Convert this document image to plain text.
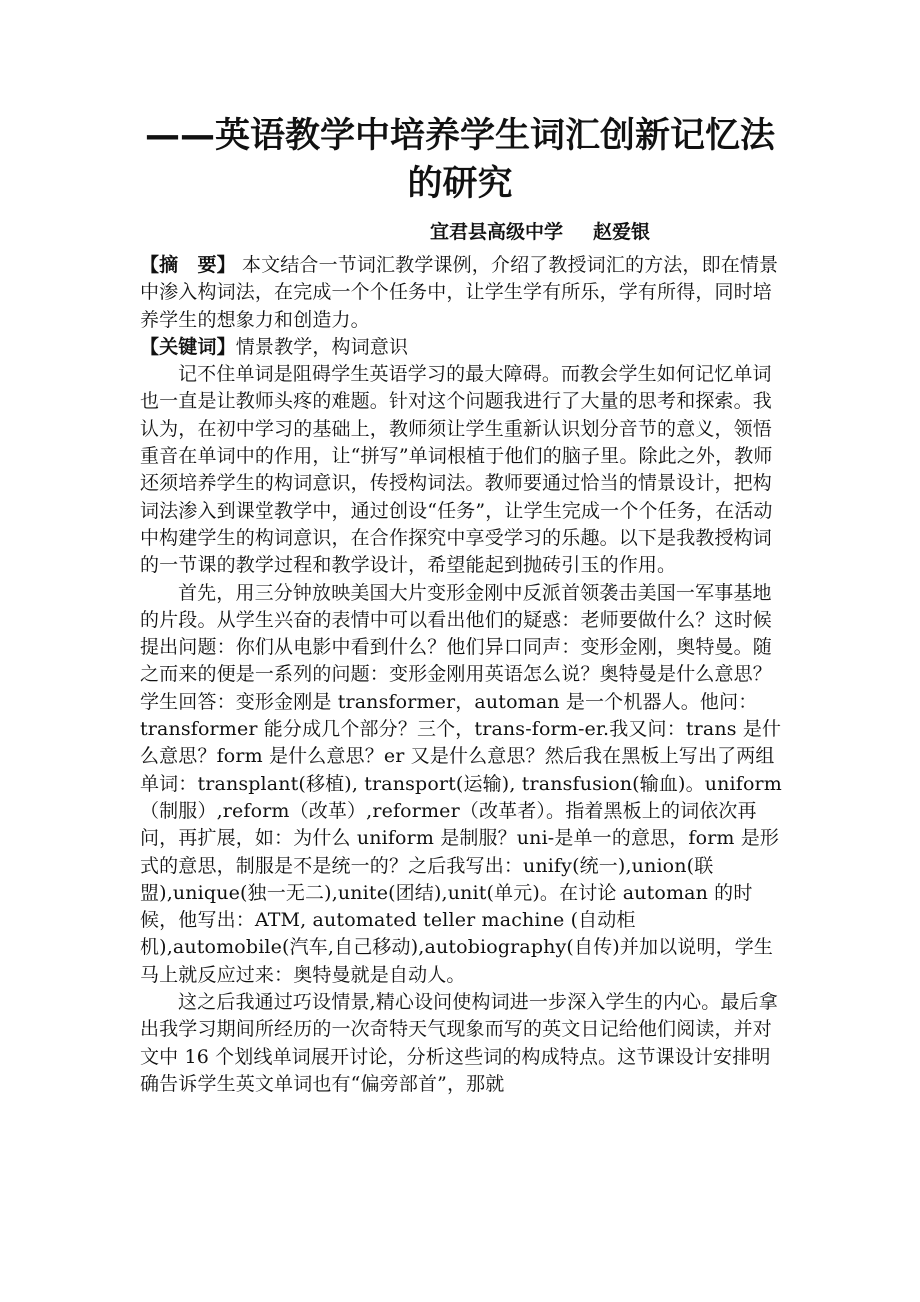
——英语教学中培养学生词汇创新记忆法的研究
宜君县高级中学 赵爱银

【摘　要】 本文结合一节词汇教学课例，介绍了教授词汇的方法，即在情景中渗入构词法，在完成一个个任务中，让学生学有所乐，学有所得，同时培养学生的想象力和创造力。

【关键词】情景教学，构词意识

记不住单词是阻碍学生英语学习的最大障碍。而教会学生如何记忆单词也一直是让教师头疼的难题。针对这个问题我进行了大量的思考和探索。我认为，在初中学习的基础上，教师须让学生重新认识划分音节的意义，领悟重音在单词中的作用，让“拼写”单词根植于他们的脑子里。除此之外，教师还须培养学生的构词意识，传授构词法。教师要通过恰当的情景设计，把构词法渗入到课堂教学中，通过创设“任务”，让学生完成一个个任务，在活动中构建学生的构词意识，在合作探究中享受学习的乐趣。以下是我教授构词的一节课的教学过程和教学设计，希望能起到抛砖引玉的作用。

首先，用三分钟放映美国大片变形金刚中反派首领袭击美国一军事基地的片段。从学生兴奋的表情中可以看出他们的疑惑：老师要做什么？这时候提出问题：你们从电影中看到什么？他们异口同声：变形金刚，奥特曼。随之而来的便是一系列的问题：变形金刚用英语怎么说？奥特曼是什么意思？学生回答：变形金刚是 transformer，automan 是一个机器人。他问：transformer 能分成几个部分？三个，trans-form-er.我又问：trans 是什么意思？form 是什么意思？er 又是什么意思？然后我在黑板上写出了两组单词：transplant(移植), transport(运输), transfusion(输血)。uniform（制服）,reform（改革）,reformer（改革者）。指着黑板上的词依次再问，再扩展，如：为什么 uniform 是制服？uni-是单一的意思，form 是形式的意思，制服是不是统一的？之后我写出：unify(统一),union(联盟),unique(独一无二),unite(团结),unit(单元)。在讨论 automan 的时候，他写出：ATM, automated teller machine (自动柜机),automobile(汽车,自己移动),autobiography(自传)并加以说明，学生马上就反应过来：奥特曼就是自动人。

这之后我通过巧设情景,精心设问使构词进一步深入学生的内心。最后拿出我学习期间所经历的一次奇特天气现象而写的英文日记给他们阅读，并对文中 16 个划线单词展开讨论，分析这些词的构成特点。这节课设计安排明确告诉学生英文单词也有“偏旁部首”，那就
